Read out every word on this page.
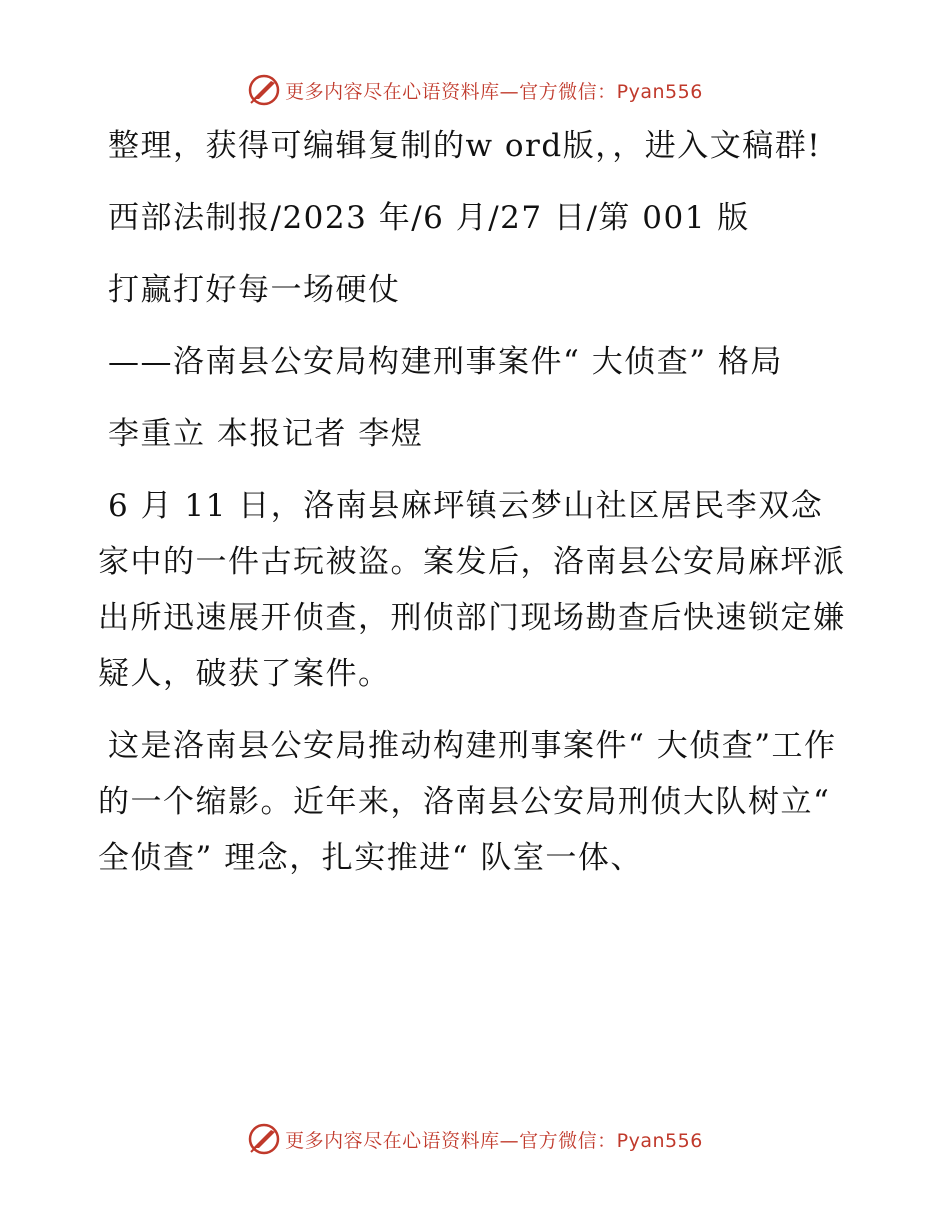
更多内容尽在心语资料库—官方微信：Pyan556

整理，获得可编辑复制的w ord版，，进入文稿群!

西部法制报/2023 年/6 月/27 日/第 001 版

打赢打好每一场硬仗

——洛南县公安局构建刑事案件“ 大侦查” 格局

李重立 本报记者 李煜

6 月 11 日，洛南县麻坪镇云梦山社区居民李双念家中的一件古玩被盗。案发后，洛南县公安局麻坪派出所迅速展开侦查，刑侦部门现场勘查后快速锁定嫌疑人，破获了案件。

这是洛南县公安局推动构建刑事案件“ 大侦查”工作的一个缩影。近年来，洛南县公安局刑侦大队树立“ 全侦查” 理念，扎实推进“ 队室一体、

更多内容尽在心语资料库—官方微信：Pyan556
